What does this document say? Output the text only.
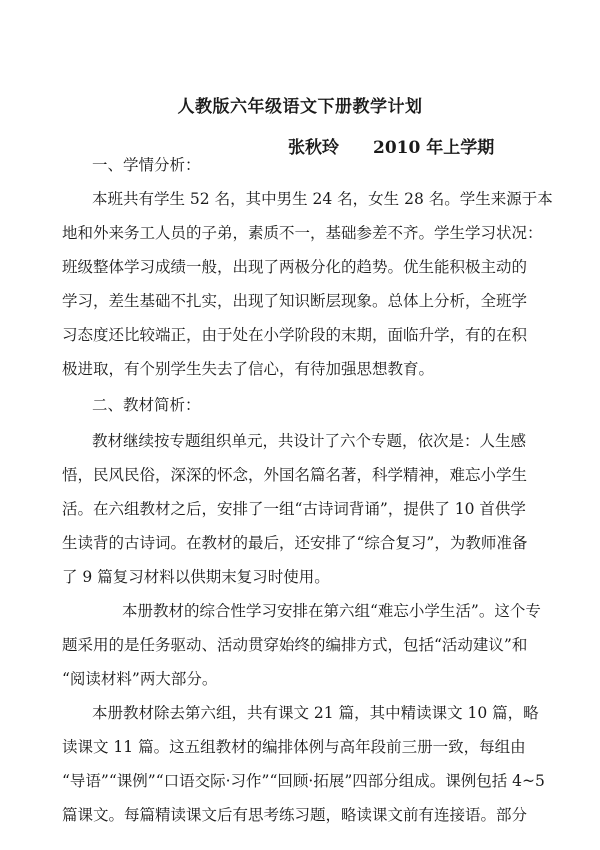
人教版六年级语文下册教学计划
张秋玲 2010 年上学期
一、学情分析：
本班共有学生 52 名，其中男生 24 名，女生 28 名。学生来源于本
地和外来务工人员的子弟，素质不一，基础参差不齐。学生学习状况：
班级整体学习成绩一般，出现了两极分化的趋势。优生能积极主动的
学习，差生基础不扎实，出现了知识断层现象。总体上分析，全班学
习态度还比较端正，由于处在小学阶段的末期，面临升学，有的在积
极进取，有个别学生失去了信心，有待加强思想教育。
二、教材简析：
教材继续按专题组织单元，共设计了六个专题，依次是：人生感
悟，民风民俗，深深的怀念，外国名篇名著，科学精神，难忘小学生
活。在六组教材之后，安排了一组“古诗词背诵”，提供了 10 首供学
生读背的古诗词。在教材的最后，还安排了“综合复习”，为教师准备
了 9 篇复习材料以供期末复习时使用。
本册教材的综合性学习安排在第六组“难忘小学生活”。这个专
题采用的是任务驱动、活动贯穿始终的编排方式，包括“活动建议”和
“阅读材料”两大部分。
本册教材除去第六组，共有课文 21 篇，其中精读课文 10 篇，略
读课文 11 篇。这五组教材的编排体例与高年段前三册一致，每组由
“导语”“课例”“口语交际·习作”“回顾·拓展”四部分组成。课例包括 4~5
篇课文。每篇精读课文后有思考练习题，略读课文前有连接语。部分
